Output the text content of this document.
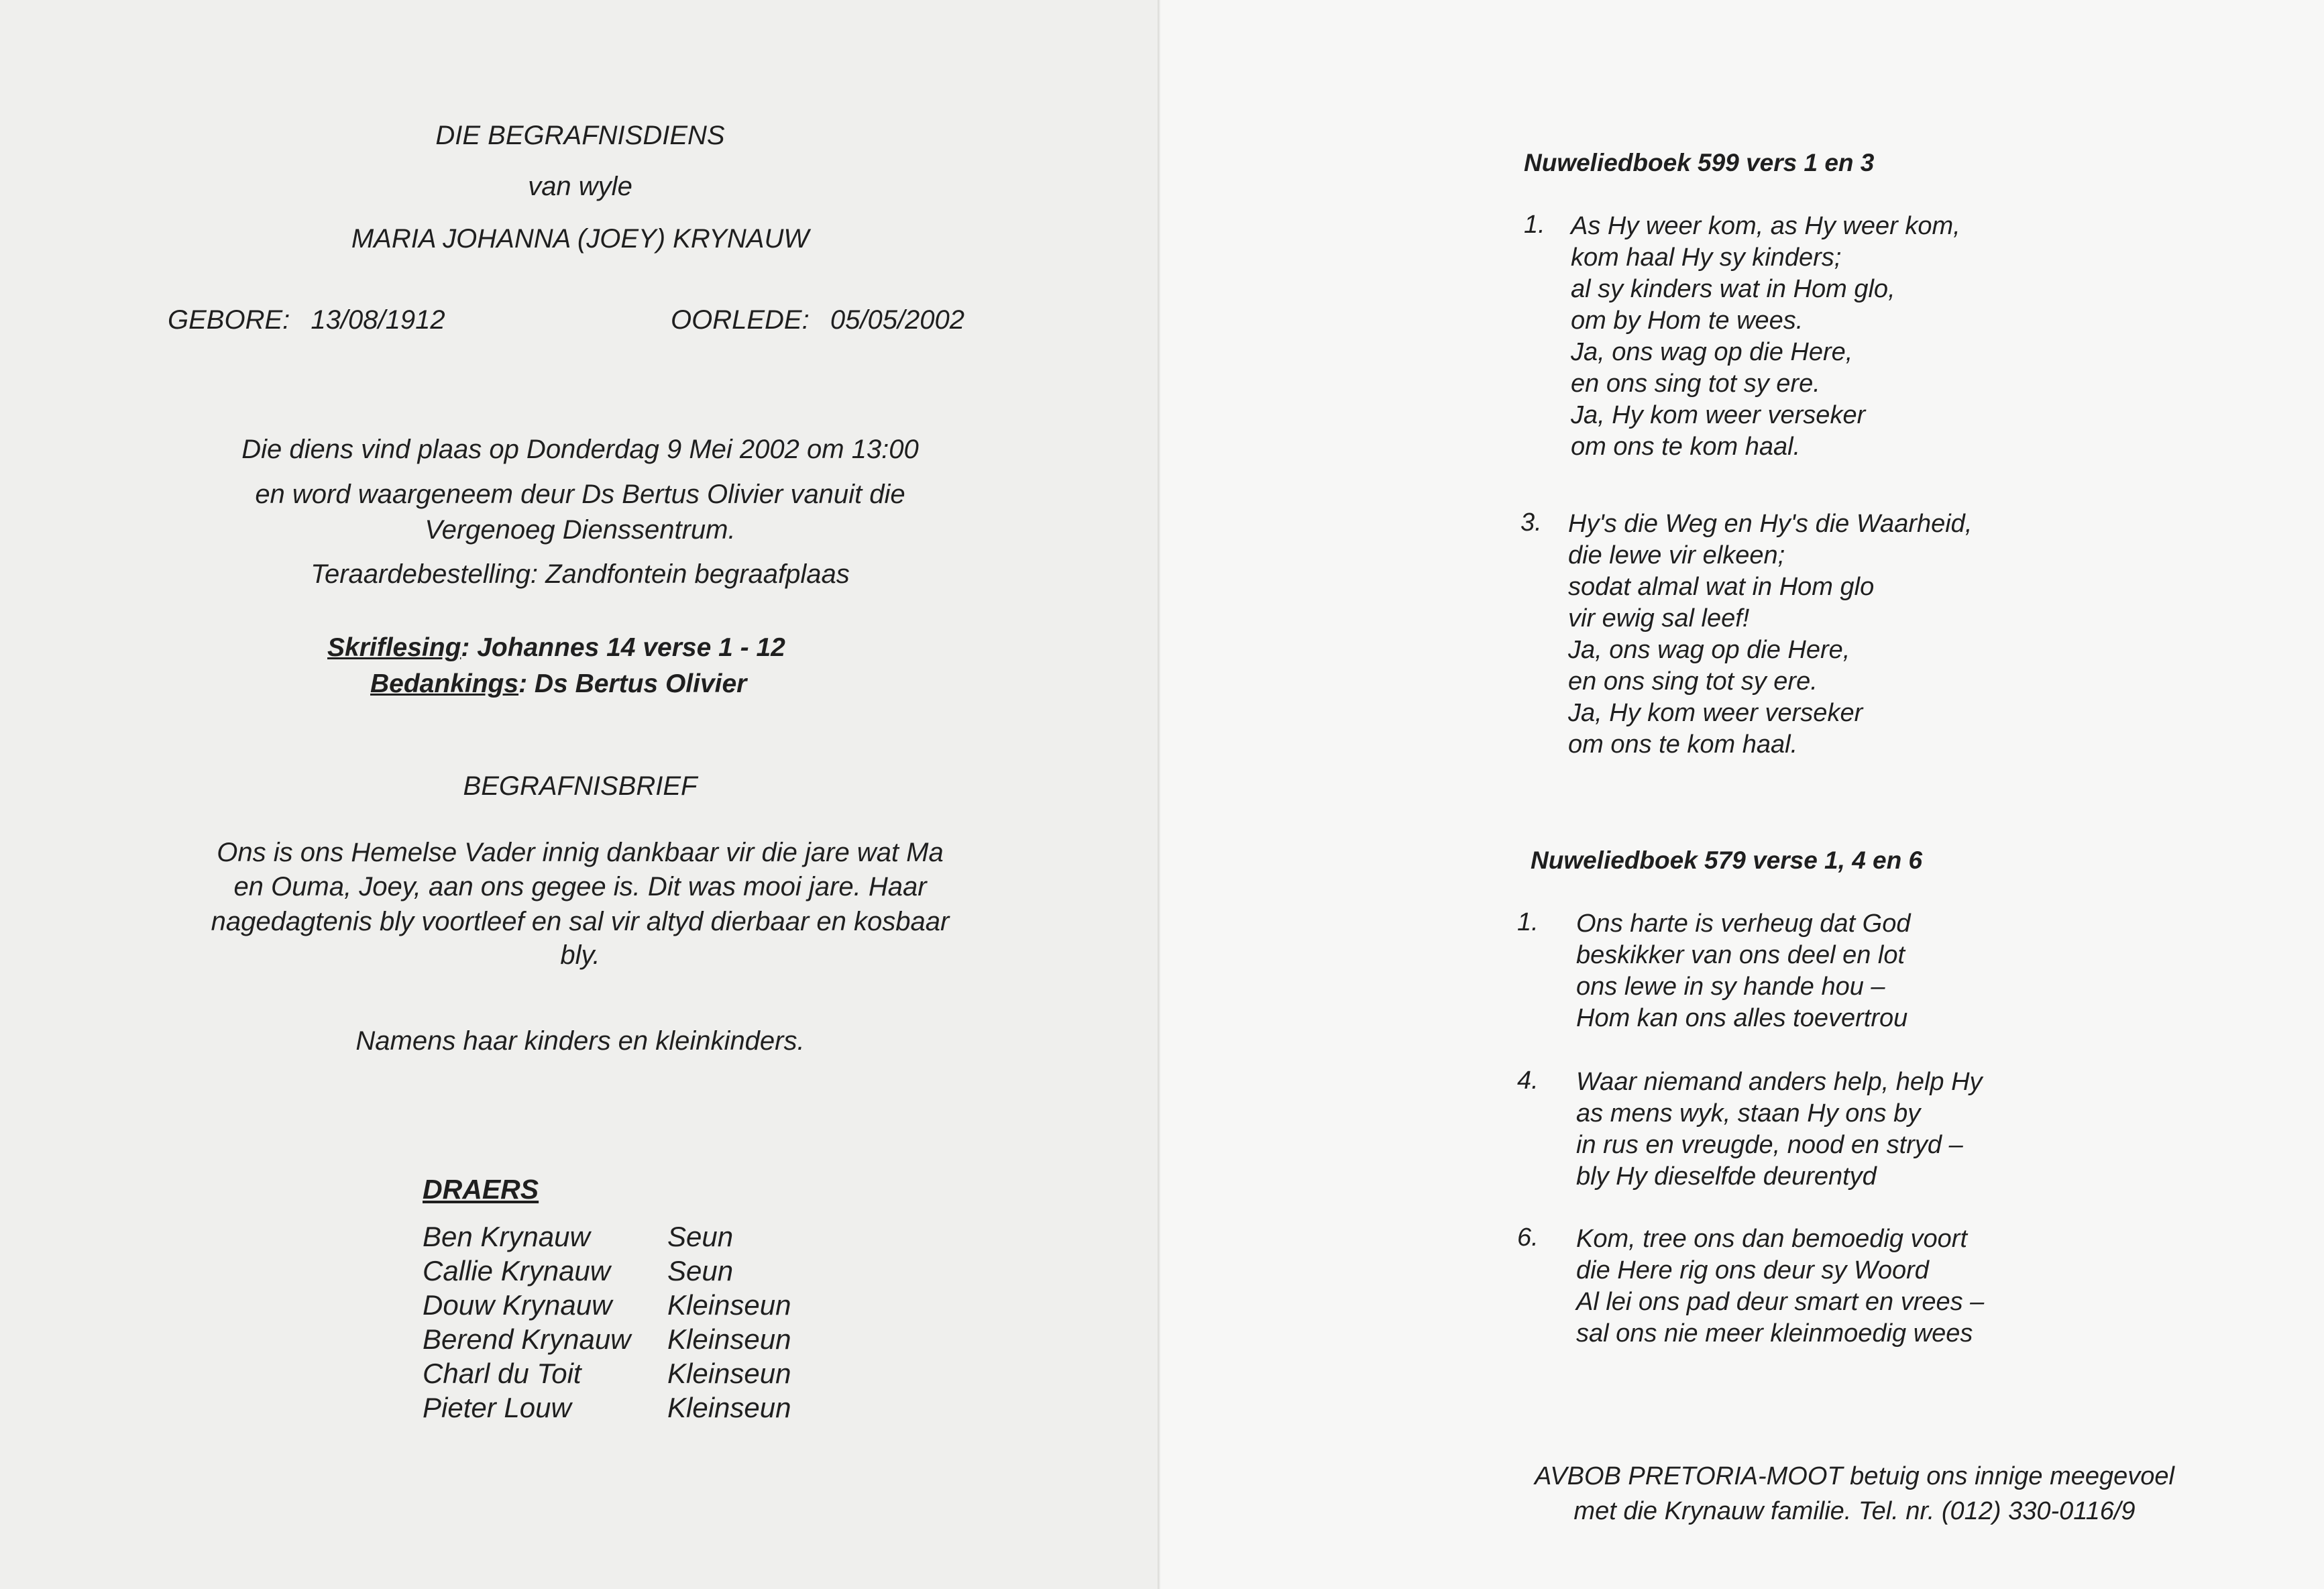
DIE BEGRAFNISDIENS
van wyle
MARIA JOHANNA (JOEY) KRYNAUW
GEBORE: 13/08/1912	OORLEDE: 05/05/2002
Die diens vind plaas op Donderdag 9 Mei 2002 om 13:00
en word waargeneem deur Ds Bertus Olivier vanuit die
Vergenoeg Dienssentrum.
Teraardebestelling: Zandfontein begraafplaas
Skriflesing: Johannes 14 verse 1 - 12
Bedankings: Ds Bertus Olivier
BEGRAFNISBRIEF
Ons is ons Hemelse Vader innig dankbaar vir die jare wat Ma
en Ouma, Joey, aan ons gegee is. Dit was mooi jare. Haar
nagedagtenis bly voortleef en sal vir altyd dierbaar en kosbaar
bly.
Namens haar kinders en kleinkinders.
DRAERS
Ben Krynauw	Seun
Callie Krynauw	Seun
Douw Krynauw	Kleinseun
Berend Krynauw	Kleinseun
Charl du Toit	Kleinseun
Pieter Louw	Kleinseun
Nuweliedboek 599 vers 1 en 3
1. As Hy weer kom, as Hy weer kom,
kom haal Hy sy kinders;
al sy kinders wat in Hom glo,
om by Hom te wees.
Ja, ons wag op die Here,
en ons sing tot sy ere.
Ja, Hy kom weer verseker
om ons te kom haal.
3. Hy's die Weg en Hy's die Waarheid,
die lewe vir elkeen;
sodat almal wat in Hom glo
vir ewig sal leef!
Ja, ons wag op die Here,
en ons sing tot sy ere.
Ja, Hy kom weer verseker
om ons te kom haal.
Nuweliedboek 579 verse 1, 4 en 6
1. Ons harte is verheug dat God
beskikker van ons deel en lot
ons lewe in sy hande hou –
Hom kan ons alles toevertrou
4. Waar niemand anders help, help Hy
as mens wyk, staan Hy ons by
in rus en vreugde, nood en stryd –
bly Hy dieselfde deurentyd
6. Kom, tree ons dan bemoedig voort
die Here rig ons deur sy Woord
Al lei ons pad deur smart en vrees –
sal ons nie meer kleinmoedig wees
AVBOB PRETORIA-MOOT betuig ons innige meegevoel
met die Krynauw familie. Tel. nr. (012) 330-0116/9
